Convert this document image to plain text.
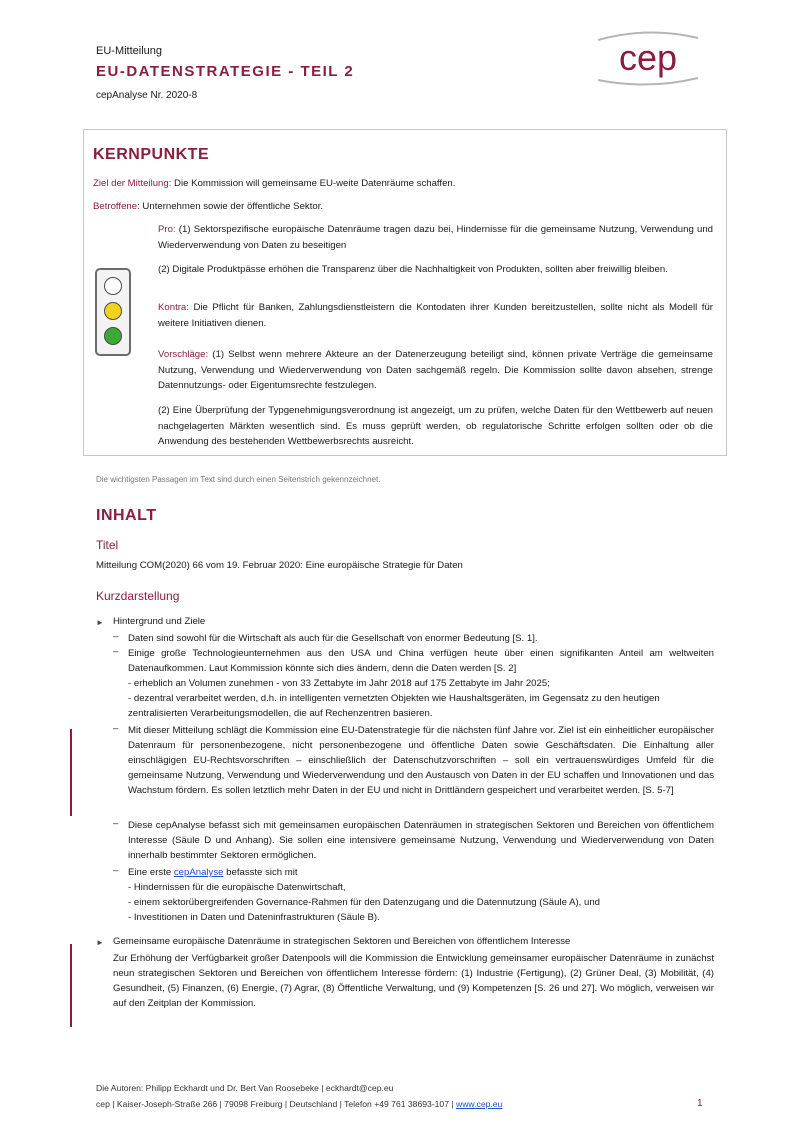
EU-Mitteilung
EU-DATENSTRATEGIE - TEIL 2
cepAnalyse Nr. 2020-8
cep
KERNPUNKTE
Ziel der Mitteilung: Die Kommission will gemeinsame EU-weite Datenräume schaffen.
Betroffene: Unternehmen sowie der öffentliche Sektor.
Pro: (1) Sektorspezifische europäische Datenräume tragen dazu bei, Hindernisse für die gemeinsame Nutzung, Verwendung und Wiederverwendung von Daten zu beseitigen
(2) Digitale Produktpässe erhöhen die Transparenz über die Nachhaltigkeit von Produkten, sollten aber freiwillig bleiben.
Kontra: Die Pflicht für Banken, Zahlungsdienstleistern die Kontodaten ihrer Kunden bereitzustellen, sollte nicht als Modell für weitere Initiativen dienen.
Vorschläge: (1) Selbst wenn mehrere Akteure an der Datenerzeugung beteiligt sind, können private Verträge die gemeinsame Nutzung, Verwendung und Wiederverwendung von Daten sachgemäß regeln. Die Kommission sollte davon absehen, strenge Datennutzungs- oder Eigentumsrechte festzulegen.
(2) Eine Überprüfung der Typgenehmigungsverordnung ist angezeigt, um zu prüfen, welche Daten für den Wettbewerb auf neuen nachgelagerten Märkten wesentlich sind. Es muss geprüft werden, ob regulatorische Schritte erfolgen sollten oder ob die Anwendung des bestehenden Wettbewerbsrechts ausreicht.
Die wichtigsten Passagen im Text sind durch einen Seitenstrich gekennzeichnet.
INHALT
Titel
Mitteilung COM(2020) 66 vom 19. Februar 2020: Eine europäische Strategie für Daten
Kurzdarstellung
► Hintergrund und Ziele
– Daten sind sowohl für die Wirtschaft als auch für die Gesellschaft von enormer Bedeutung [S. 1].
– Einige große Technologieunternehmen aus den USA und China verfügen heute über einen signifikanten Anteil am weltweiten Datenaufkommen. Laut Kommission könnte sich dies ändern, denn die Daten werden [S. 2]
- erheblich an Volumen zunehmen - von 33 Zettabyte im Jahr 2018 auf 175 Zettabyte im Jahr 2025;
- dezentral verarbeitet werden, d.h. in intelligenten vernetzten Objekten wie Haushaltsgeräten, im Gegensatz zu den heutigen zentralisierten Verarbeitungsmodellen, die auf Rechenzentren basieren.
– Mit dieser Mitteilung schlägt die Kommission eine EU-Datenstrategie für die nächsten fünf Jahre vor. Ziel ist ein einheitlicher europäischer Datenraum für personenbezogene, nicht personenbezogene und öffentliche Daten sowie Geschäftsdaten. Die Einhaltung aller einschlägigen EU-Rechtsvorschriften – einschließlich der Datenschutzvorschriften – soll ein vertrauenswürdiges Umfeld für die gemeinsame Nutzung, Verwendung und Wiederverwendung und den Austausch von Daten in der EU schaffen und Innovationen und das Wachstum fördern. Es sollen letztlich mehr Daten in der EU und nicht in Drittländern gespeichert und verarbeitet werden. [S. 5-7]
– Diese cepAnalyse befasst sich mit gemeinsamen europäischen Datenräumen in strategischen Sektoren und Bereichen von öffentlichem Interesse (Säule D und Anhang). Sie sollen eine intensivere gemeinsame Nutzung, Verwendung und Wiederverwendung von Daten innerhalb bestimmter Sektoren ermöglichen.
– Eine erste cepAnalyse befasste sich mit
- Hindernissen für die europäische Datenwirtschaft,
- einem sektorübergreifenden Governance-Rahmen für den Datenzugang und die Datennutzung (Säule A), und
- Investitionen in Daten und Dateninfrastrukturen (Säule B).
► Gemeinsame europäische Datenräume in strategischen Sektoren und Bereichen von öffentlichem Interesse
Zur Erhöhung der Verfügbarkeit großer Datenpools will die Kommission die Entwicklung gemeinsamer europäischer Datenräume in zunächst neun strategischen Sektoren und Bereichen von öffentlichem Interesse fördern: (1) Industrie (Fertigung), (2) Grüner Deal, (3) Mobilität, (4) Gesundheit, (5) Finanzen, (6) Energie, (7) Agrar, (8) Öffentliche Verwaltung, und (9) Kompetenzen [S. 26 und 27]. Wo möglich, verweisen wir auf den Zeitplan der Kommission.
Die Autoren: Philipp Eckhardt und Dr. Bert Van Roosebeke | eckhardt@cep.eu
cep | Kaiser-Joseph-Straße 266 | 79098 Freiburg | Deutschland | Telefon +49 761 38693-107 | www.cep.eu	1
